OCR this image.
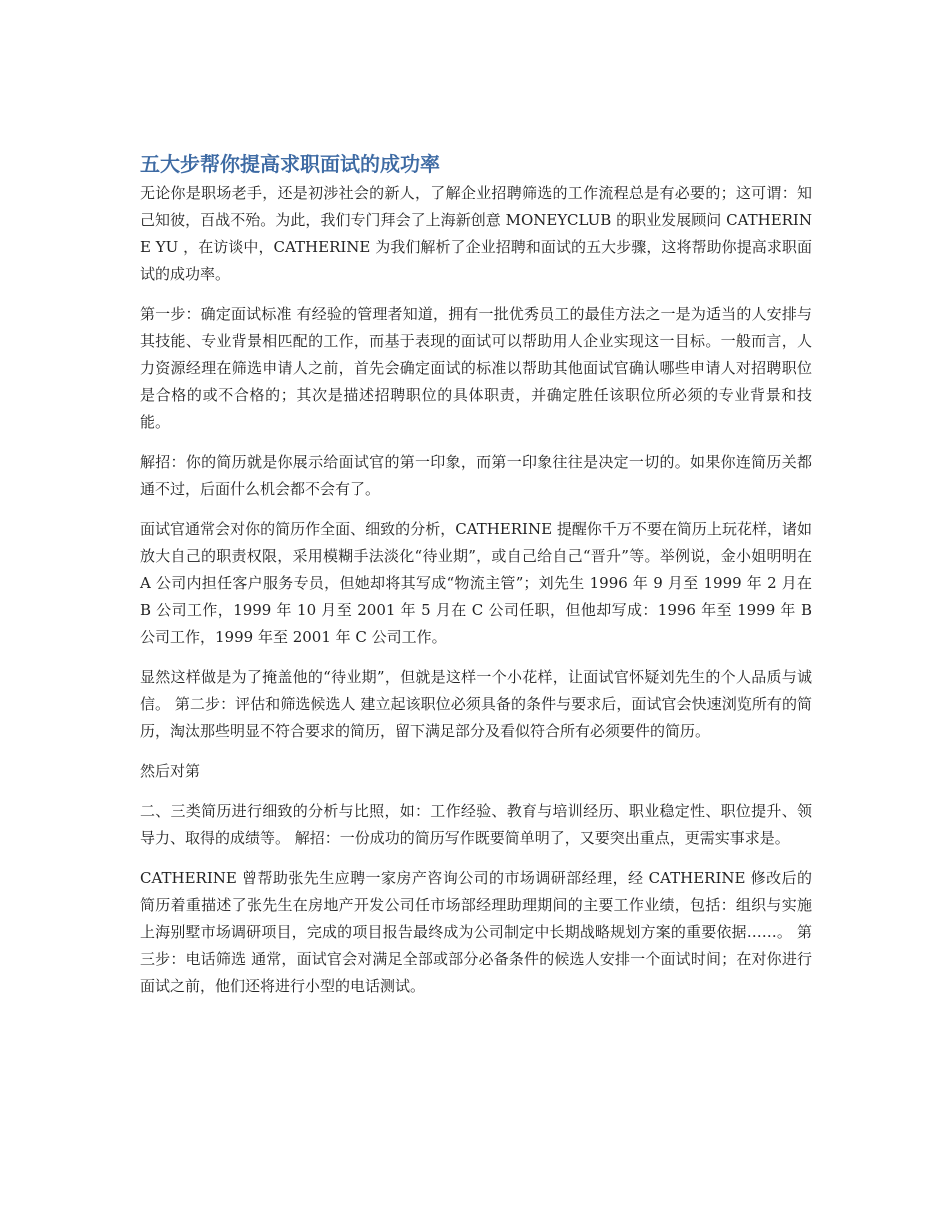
五大步帮你提高求职面试的成功率

无论你是职场老手，还是初涉社会的新人，了解企业招聘筛选的工作流程总是有必要的；这可谓：知己知彼，百战不殆。为此，我们专门拜会了上海新创意 MONEYCLUB 的职业发展顾问 CATHERINE YU ，在访谈中，CATHERINE 为我们解析了企业招聘和面试的五大步骤，这将帮助你提高求职面试的成功率。

第一步：确定面试标准 有经验的管理者知道，拥有一批优秀员工的最佳方法之一是为适当的人安排与其技能、专业背景相匹配的工作，而基于表现的面试可以帮助用人企业实现这一目标。一般而言，人力资源经理在筛选申请人之前，首先会确定面试的标准以帮助其他面试官确认哪些申请人对招聘职位是合格的或不合格的；其次是描述招聘职位的具体职责，并确定胜任该职位所必须的专业背景和技能。

解招：你的简历就是你展示给面试官的第一印象，而第一印象往往是决定一切的。如果你连简历关都通不过，后面什么机会都不会有了。

面试官通常会对你的简历作全面、细致的分析，CATHERINE 提醒你千万不要在简历上玩花样，诸如放大自己的职责权限，采用模糊手法淡化“待业期”，或自己给自己“晋升”等。举例说，金小姐明明在 A 公司内担任客户服务专员，但她却将其写成“物流主管”；刘先生 1996 年 9 月至 1999 年 2 月在 B 公司工作，1999 年 10 月至 2001 年 5 月在 C 公司任职，但他却写成：1996 年至 1999 年 B 公司工作，1999 年至 2001 年 C 公司工作。

显然这样做是为了掩盖他的“待业期”，但就是这样一个小花样，让面试官怀疑刘先生的个人品质与诚信。 第二步：评估和筛选候选人 建立起该职位必须具备的条件与要求后，面试官会快速浏览所有的简历，淘汰那些明显不符合要求的简历，留下满足部分及看似符合所有必须要件的简历。

然后对第

二、三类简历进行细致的分析与比照，如：工作经验、教育与培训经历、职业稳定性、职位提升、领导力、取得的成绩等。 解招：一份成功的简历写作既要简单明了，又要突出重点，更需实事求是。

CATHERINE 曾帮助张先生应聘一家房产咨询公司的市场调研部经理，经 CATHERINE 修改后的简历着重描述了张先生在房地产开发公司任市场部经理助理期间的主要工作业绩，包括：组织与实施上海别墅市场调研项目，完成的项目报告最终成为公司制定中长期战略规划方案的重要依据……。 第三步：电话筛选 通常，面试官会对满足全部或部分必备条件的候选人安排一个面试时间；在对你进行面试之前，他们还将进行小型的电话测试。
